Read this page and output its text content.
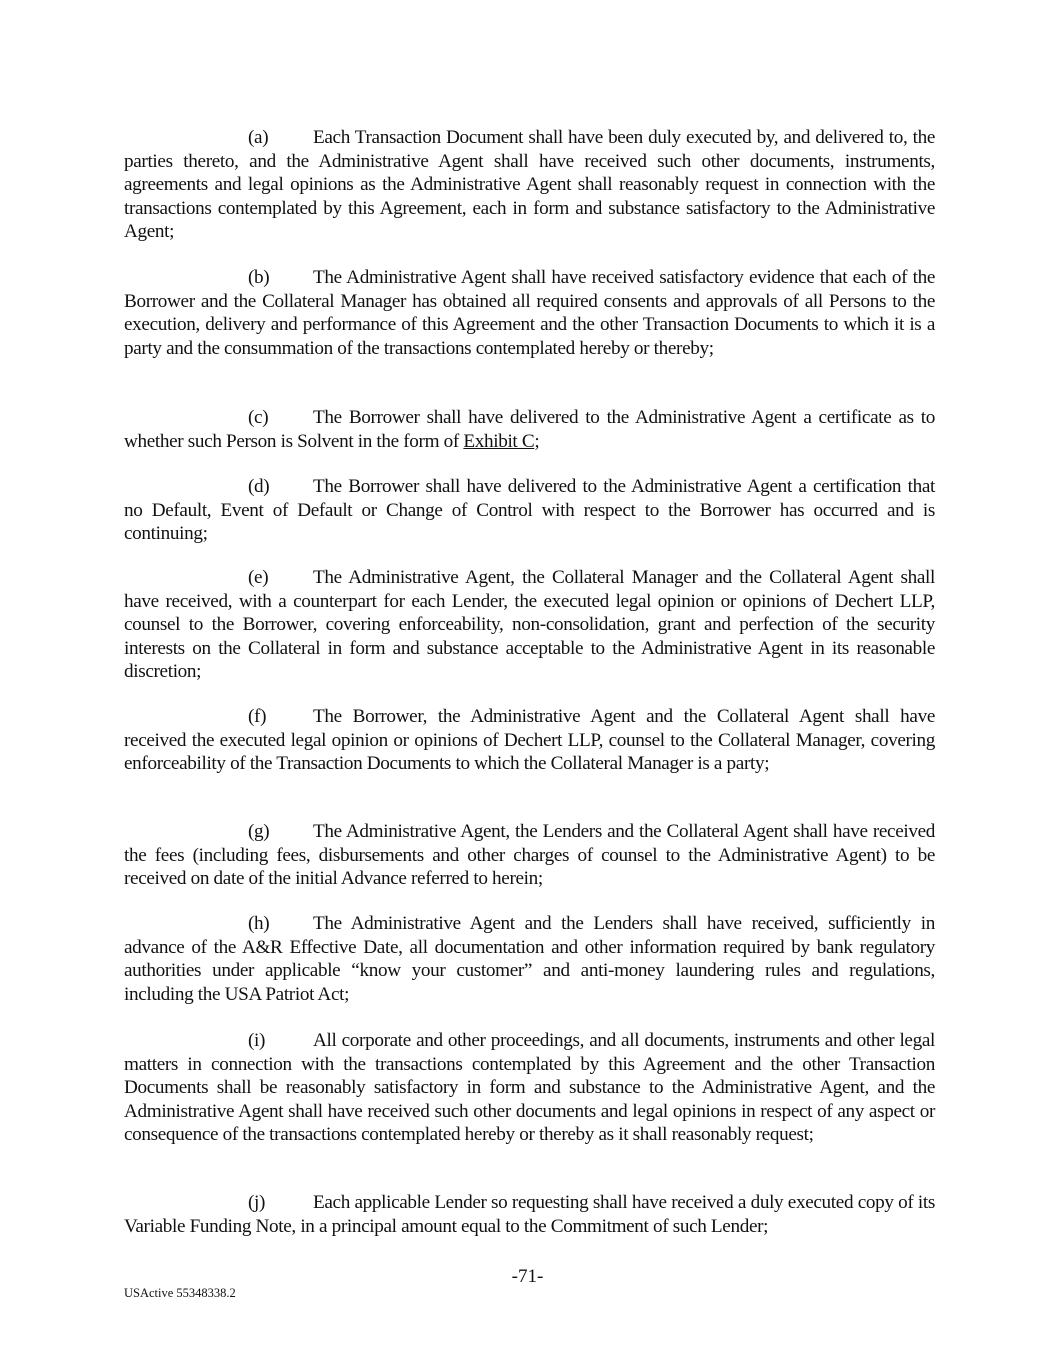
(a) Each Transaction Document shall have been duly executed by, and delivered to, the parties thereto, and the Administrative Agent shall have received such other documents, instruments, agreements and legal opinions as the Administrative Agent shall reasonably request in connection with the transactions contemplated by this Agreement, each in form and substance satisfactory to the Administrative Agent;

(b) The Administrative Agent shall have received satisfactory evidence that each of the Borrower and the Collateral Manager has obtained all required consents and approvals of all Persons to the execution, delivery and performance of this Agreement and the other Transaction Documents to which it is a party and the consummation of the transactions contemplated hereby or thereby;

(c) The Borrower shall have delivered to the Administrative Agent a certificate as to whether such Person is Solvent in the form of Exhibit C;

(d) The Borrower shall have delivered to the Administrative Agent a certification that no Default, Event of Default or Change of Control with respect to the Borrower has occurred and is continuing;

(e) The Administrative Agent, the Collateral Manager and the Collateral Agent shall have received, with a counterpart for each Lender, the executed legal opinion or opinions of Dechert LLP, counsel to the Borrower, covering enforceability, non-consolidation, grant and perfection of the security interests on the Collateral in form and substance acceptable to the Administrative Agent in its reasonable discretion;

(f) The Borrower, the Administrative Agent and the Collateral Agent shall have received the executed legal opinion or opinions of Dechert LLP, counsel to the Collateral Manager, covering enforceability of the Transaction Documents to which the Collateral Manager is a party;

(g) The Administrative Agent, the Lenders and the Collateral Agent shall have received the fees (including fees, disbursements and other charges of counsel to the Administrative Agent) to be received on date of the initial Advance referred to herein;

(h) The Administrative Agent and the Lenders shall have received, sufficiently in advance of the A&R Effective Date, all documentation and other information required by bank regulatory authorities under applicable “know your customer” and anti-money laundering rules and regulations, including the USA Patriot Act;

(i) All corporate and other proceedings, and all documents, instruments and other legal matters in connection with the transactions contemplated by this Agreement and the other Transaction Documents shall be reasonably satisfactory in form and substance to the Administrative Agent, and the Administrative Agent shall have received such other documents and legal opinions in respect of any aspect or consequence of the transactions contemplated hereby or thereby as it shall reasonably request;

(j) Each applicable Lender so requesting shall have received a duly executed copy of its Variable Funding Note, in a principal amount equal to the Commitment of such Lender;

-71-
USActive 55348338.2
